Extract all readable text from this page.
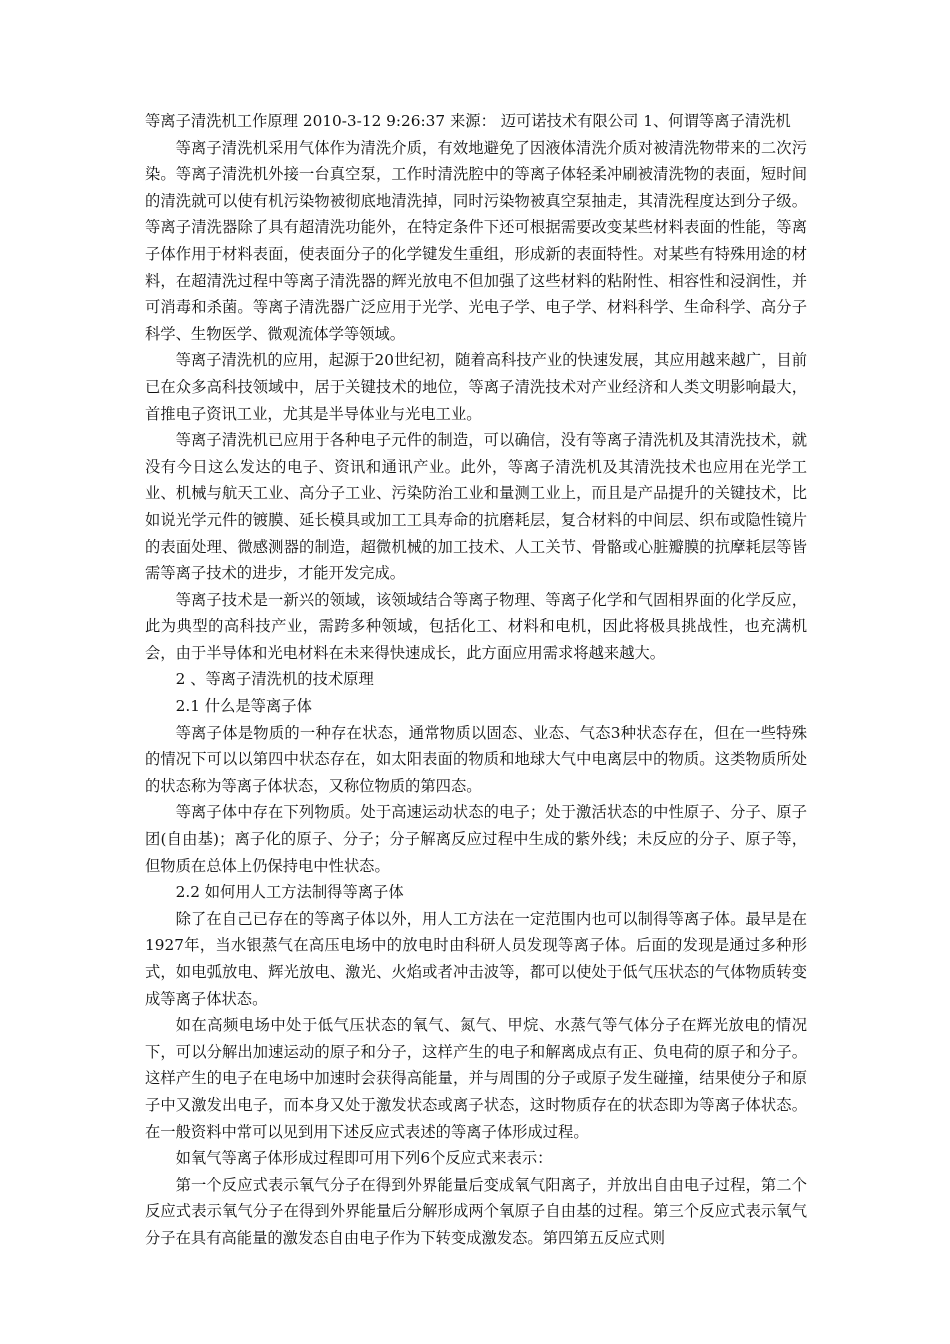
等离子清洗机工作原理 2010-3-12 9:26:37 来源： 迈可诺技术有限公司 1、何谓等离子清洗机

等离子清洗机采用气体作为清洗介质，有效地避免了因液体清洗介质对被清洗物带来的二次污染。等离子清洗机外接一台真空泵，工作时清洗腔中的等离子体轻柔冲刷被清洗物的表面，短时间的清洗就可以使有机污染物被彻底地清洗掉，同时污染物被真空泵抽走，其清洗程度达到分子级。等离子清洗器除了具有超清洗功能外，在特定条件下还可根据需要改变某些材料表面的性能，等离子体作用于材料表面，使表面分子的化学键发生重组，形成新的表面特性。对某些有特殊用途的材料，在超清洗过程中等离子清洗器的辉光放电不但加强了这些材料的粘附性、相容性和浸润性，并可消毒和杀菌。等离子清洗器广泛应用于光学、光电子学、电子学、材料科学、生命科学、高分子科学、生物医学、微观流体学等领域。

等离子清洗机的应用，起源于20世纪初，随着高科技产业的快速发展，其应用越来越广，目前已在众多高科技领域中，居于关键技术的地位，等离子清洗技术对产业经济和人类文明影响最大，首推电子资讯工业，尤其是半导体业与光电工业。

等离子清洗机已应用于各种电子元件的制造，可以确信，没有等离子清洗机及其清洗技术，就没有今日这么发达的电子、资讯和通讯产业。此外，等离子清洗机及其清洗技术也应用在光学工业、机械与航天工业、高分子工业、污染防治工业和量测工业上，而且是产品提升的关键技术，比如说光学元件的镀膜、延长模具或加工工具寿命的抗磨耗层，复合材料的中间层、织布或隐性镜片的表面处理、微感测器的制造，超微机械的加工技术、人工关节、骨骼或心脏瓣膜的抗摩耗层等皆需等离子技术的进步，才能开发完成。

等离子技术是一新兴的领域，该领域结合等离子物理、等离子化学和气固相界面的化学反应，此为典型的高科技产业，需跨多种领域，包括化工、材料和电机，因此将极具挑战性，也充满机会，由于半导体和光电材料在未来得快速成长，此方面应用需求将越来越大。

2 、等离子清洗机的技术原理

2.1 什么是等离子体

等离子体是物质的一种存在状态，通常物质以固态、业态、气态3种状态存在，但在一些特殊的情况下可以以第四中状态存在，如太阳表面的物质和地球大气中电离层中的物质。这类物质所处的状态称为等离子体状态，又称位物质的第四态。

等离子体中存在下列物质。处于高速运动状态的电子；处于激活状态的中性原子、分子、原子团(自由基)；离子化的原子、分子；分子解离反应过程中生成的紫外线；未反应的分子、原子等，但物质在总体上仍保持电中性状态。

2.2 如何用人工方法制得等离子体

除了在自己已存在的等离子体以外，用人工方法在一定范围内也可以制得等离子体。最早是在1927年，当水银蒸气在高压电场中的放电时由科研人员发现等离子体。后面的发现是通过多种形式，如电弧放电、辉光放电、激光、火焰或者冲击波等，都可以使处于低气压状态的气体物质转变成等离子体状态。

如在高频电场中处于低气压状态的氧气、氮气、甲烷、水蒸气等气体分子在辉光放电的情况下，可以分解出加速运动的原子和分子，这样产生的电子和解离成点有正、负电荷的原子和分子。这样产生的电子在电场中加速时会获得高能量，并与周围的分子或原子发生碰撞，结果使分子和原子中又激发出电子，而本身又处于激发状态或离子状态，这时物质存在的状态即为等离子体状态。在一般资料中常可以见到用下述反应式表述的等离子体形成过程。

如氧气等离子体形成过程即可用下列6个反应式来表示：

第一个反应式表示氧气分子在得到外界能量后变成氧气阳离子，并放出自由电子过程，第二个反应式表示氧气分子在得到外界能量后分解形成两个氧原子自由基的过程。第三个反应式表示氧气分子在具有高能量的激发态自由电子作为下转变成激发态。第四第五反应式则
